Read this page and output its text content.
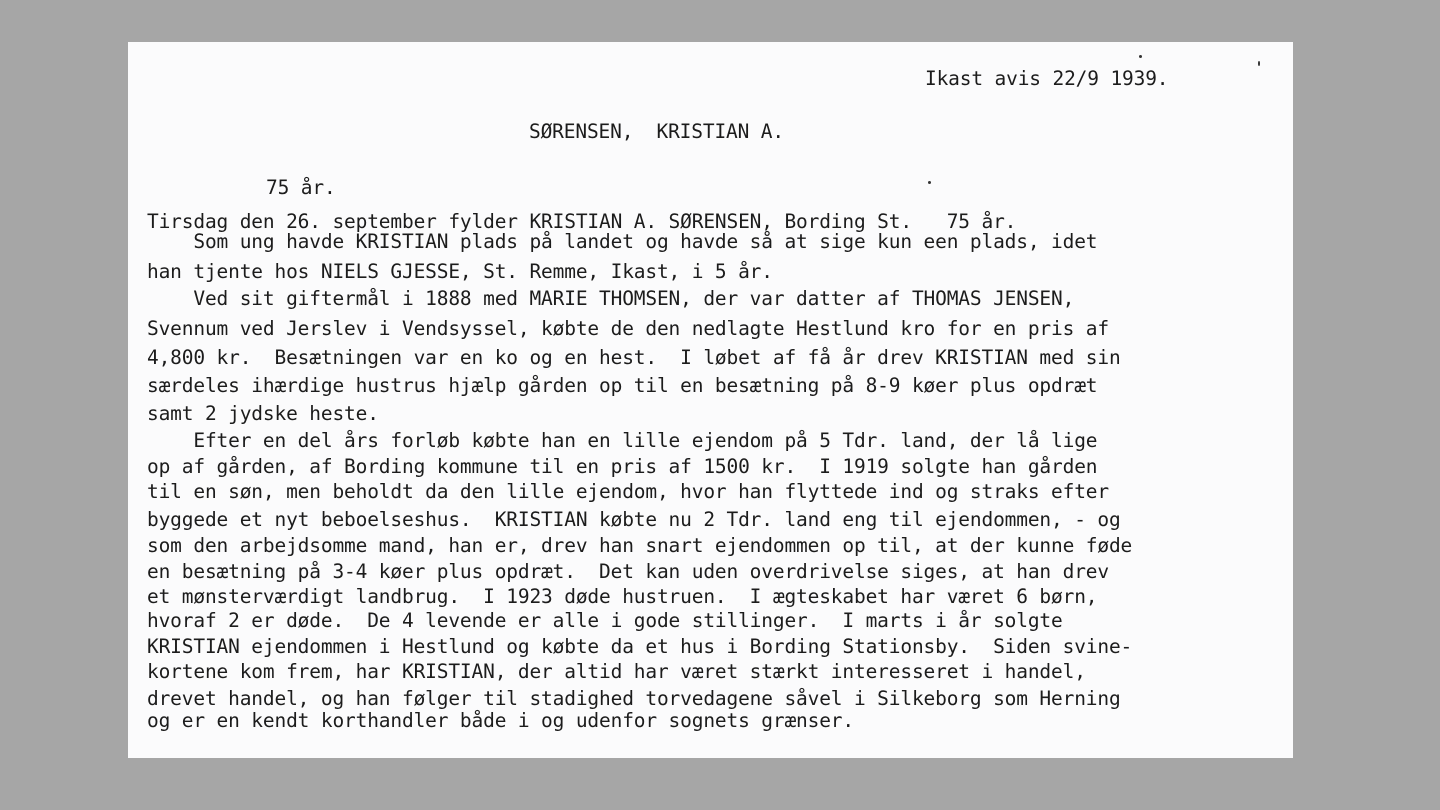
Ikast avis 22/9 1939.
SØRENSEN,  KRISTIAN A.
75 år.
Tirsdag den 26. september fylder KRISTIAN A. SØRENSEN, Bording St.   75 år.
Som ung havde KRISTIAN plads på landet og havde så at sige kun een plads, idet
han tjente hos NIELS GJESSE, St. Remme, Ikast, i 5 år.
Ved sit giftermål i 1888 med MARIE THOMSEN, der var datter af THOMAS JENSEN,
Svennum ved Jerslev i Vendsyssel, købte de den nedlagte Hestlund kro for en pris af
4,800 kr.  Besætningen var en ko og en hest.  I løbet af få år drev KRISTIAN med sin
særdeles ihærdige hustrus hjælp gården op til en besætning på 8-9 køer plus opdræt
samt 2 jydske heste.
Efter en del års forløb købte han en lille ejendom på 5 Tdr. land, der lå lige
op af gården, af Bording kommune til en pris af 1500 kr.  I 1919 solgte han gården
til en søn, men beholdt da den lille ejendom, hvor han flyttede ind og straks efter
byggede et nyt beboelseshus.  KRISTIAN købte nu 2 Tdr. land eng til ejendommen, - og
som den arbejdsomme mand, han er, drev han snart ejendommen op til, at der kunne føde
en besætning på 3-4 køer plus opdræt.  Det kan uden overdrivelse siges, at han drev
et mønsterværdigt landbrug.  I 1923 døde hustruen.  I ægteskabet har været 6 børn,
hvoraf 2 er døde.  De 4 levende er alle i gode stillinger.  I marts i år solgte
KRISTIAN ejendommen i Hestlund og købte da et hus i Bording Stationsby.  Siden svine-
kortene kom frem, har KRISTIAN, der altid har været stærkt interesseret i handel,
drevet handel, og han følger til stadighed torvedagene såvel i Silkeborg som Herning
og er en kendt korthandler både i og udenfor sognets grænser.
